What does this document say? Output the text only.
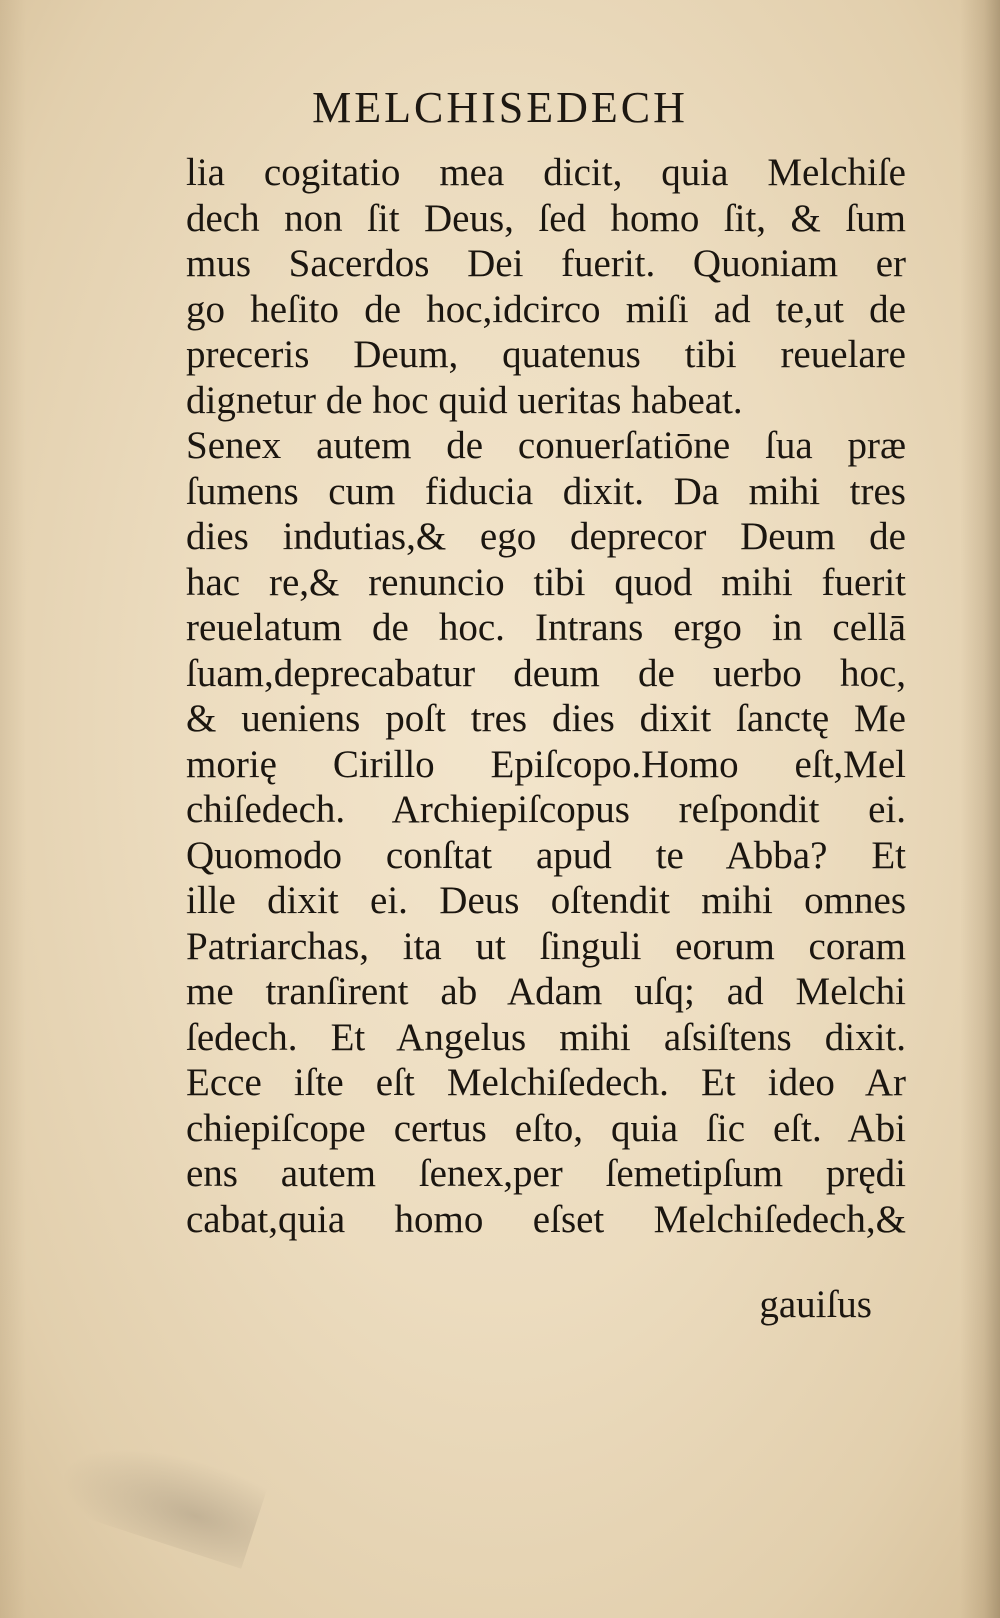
MELCHISEDECH
lia cogitatio mea dicit, quia Melchiſe
dech non ſit Deus, ſed homo ſit, & ſum
mus Sacerdos Dei fuerit. Quoniam er
go heſito de hoc,idcirco miſi ad te,ut de
preceris Deum, quatenus tibi reuelare
dignetur de hoc quid ueritas habeat.
Senex autem de conuerſatiōne ſua præ
ſumens cum fiducia dixit. Da mihi tres
dies indutias,& ego deprecor Deum de
hac re,& renuncio tibi quod mihi fuerit
reuelatum de hoc. Intrans ergo in cellā
ſuam,deprecabatur deum de uerbo hoc,
& ueniens poſt tres dies dixit ſanctę Me
morię Cirillo Epiſcopo.Homo eſt,Mel
chiſedech. Archiepiſcopus reſpondit ei.
Quomodo conſtat apud te Abba? Et
ille dixit ei. Deus oſtendit mihi omnes
Patriarchas, ita ut ſinguli eorum coram
me tranſirent ab Adam uſq; ad Melchi
ſedech. Et Angelus mihi aſsiſtens dixit.
Ecce iſte eſt Melchiſedech. Et ideo Ar
chiepiſcope certus eſto, quia ſic eſt. Abi
ens autem ſenex,per ſemetipſum prędi
cabat,quia homo eſset Melchiſedech,&
gauiſus
